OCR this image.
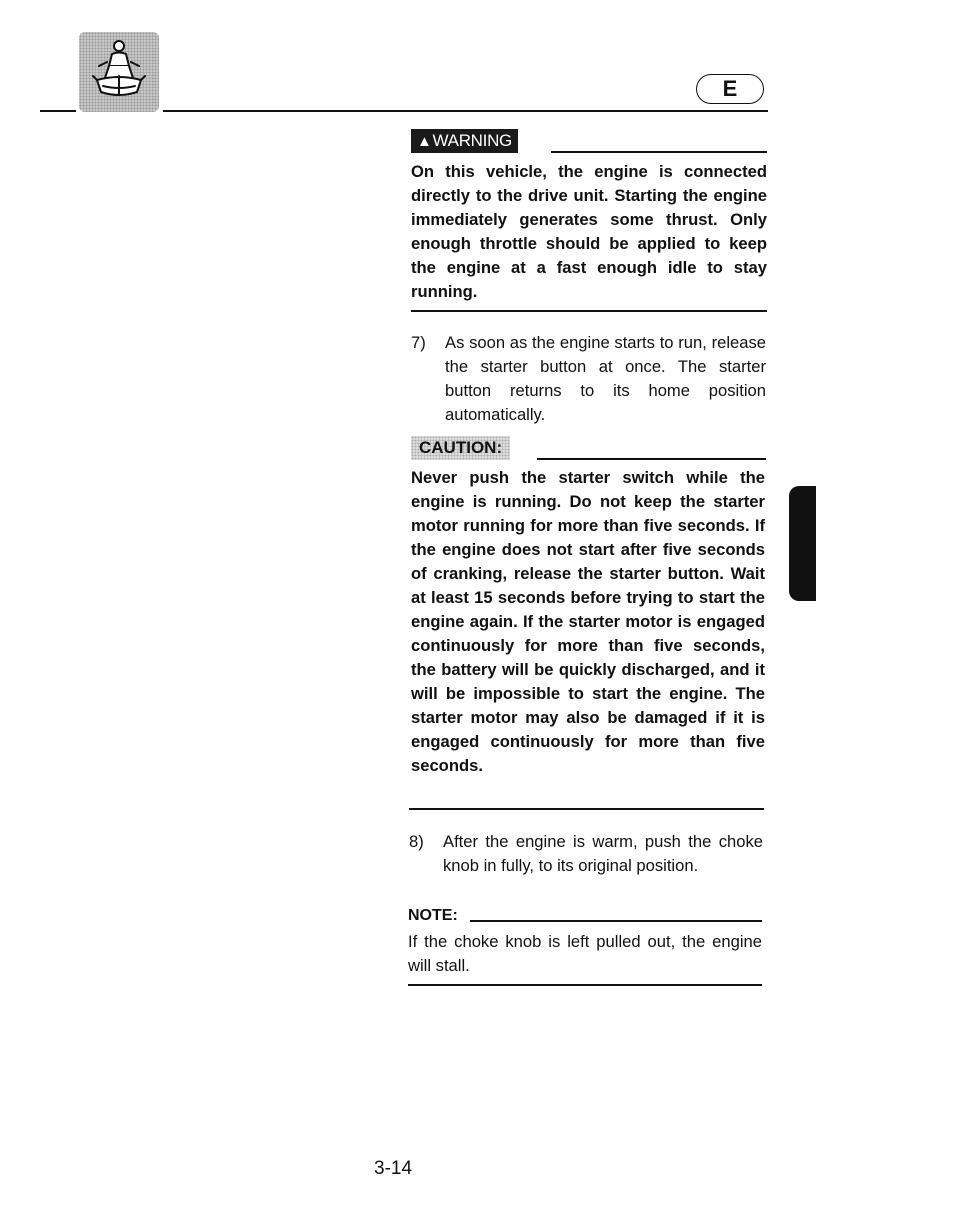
E
▲WARNING

On this vehicle, the engine is connected directly to the drive unit. Starting the engine immediately generates some thrust. Only enough throttle should be applied to keep the engine at a fast enough idle to stay running.

7)	As soon as the engine starts to run, release the starter button at once. The starter button returns to its home position automatically.
CAUTION:

Never push the starter switch while the engine is running. Do not keep the starter motor running for more than five seconds. If the engine does not start after five seconds of cranking, release the starter button. Wait at least 15 seconds before trying to start the engine again. If the starter motor is engaged continuously for more than five seconds, the battery will be quickly discharged, and it will be impossible to start the engine. The starter motor may also be damaged if it is engaged continuously for more than five seconds.

8)	After the engine is warm, push the choke knob in fully, to its original position.
NOTE:

If the choke knob is left pulled out, the engine will stall.

3-14
